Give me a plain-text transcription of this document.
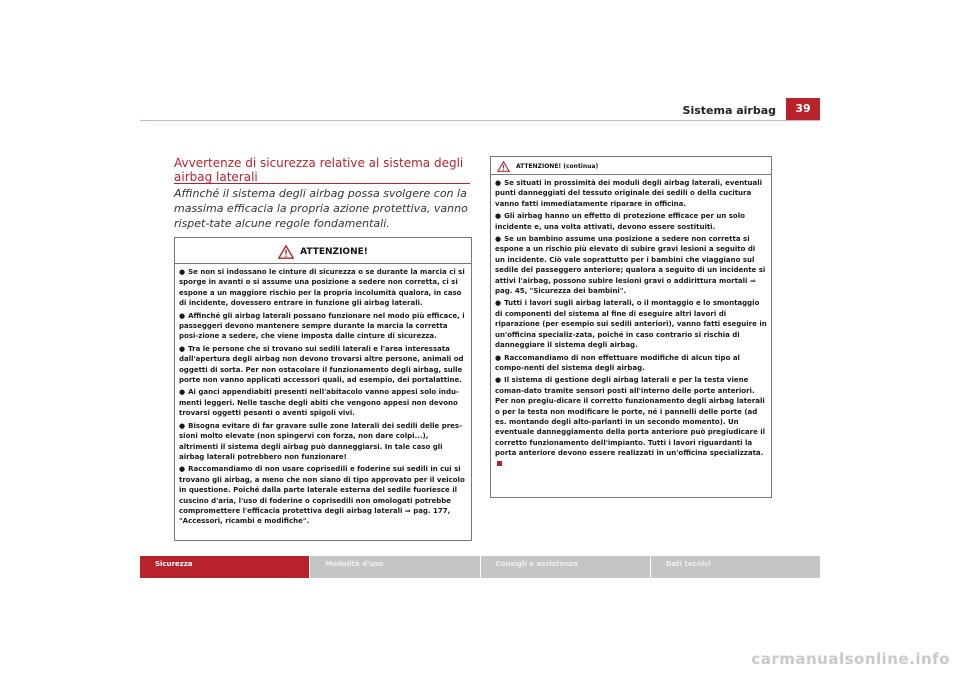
Sistema airbag	39
Avvertenze di sicurezza relative al sistema degli airbag laterali
Affinché il sistema degli airbag possa svolgere con la massima efficacia la propria azione protettiva, vanno rispet-tate alcune regole fondamentali.
ATTENZIONE!
● Se non si indossano le cinture di sicurezza o se durante la marcia ci si sporge in avanti o si assume una posizione a sedere non corretta, ci si espone a un maggiore rischio per la propria incolumità qualora, in caso di incidente, dovessero entrare in funzione gli airbag laterali.
● Affinché gli airbag laterali possano funzionare nel modo più efficace, i passeggeri devono mantenere sempre durante la marcia la corretta posi-zione a sedere, che viene imposta dalle cinture di sicurezza.
● Tra le persone che si trovano sui sedili laterali e l'area interessata dall'apertura degli airbag non devono trovarsi altre persone, animali od oggetti di sorta. Per non ostacolare il funzionamento degli airbag, sulle porte non vanno applicati accessori quali, ad esempio, dei portalattine.
● Ai ganci appendiabiti presenti nell'abitacolo vanno appesi solo indu-menti leggeri. Nelle tasche degli abiti che vengono appesi non devono trovarsi oggetti pesanti o aventi spigoli vivi.
● Bisogna evitare di far gravare sulle zone laterali dei sedili delle pres-sioni molto elevate (non spingervi con forza, non dare colpi...), altrimenti il sistema degli airbag può danneggiarsi. In tale caso gli airbag laterali potrebbero non funzionare!
● Raccomandiamo di non usare coprisedili e foderine sui sedili in cui si trovano gli airbag, a meno che non siano di tipo approvato per il veicolo in questione. Poiché dalla parte laterale esterna del sedile fuoriesce il cuscino d'aria, l'uso di foderine o coprisedili non omologati potrebbe compromettere l'efficacia protettiva degli airbag laterali ⇒ pag. 177, "Accessori, ricambi e modifiche".
ATTENZIONE! (continua)
● Se situati in prossimità dei moduli degli airbag laterali, eventuali punti danneggiati del tessuto originale dei sedili o della cucitura vanno fatti immediatamente riparare in officina.
● Gli airbag hanno un effetto di protezione efficace per un solo incidente e, una volta attivati, devono essere sostituiti.
● Se un bambino assume una posizione a sedere non corretta si espone a un rischio più elevato di subire gravi lesioni a seguito di un incidente. Ciò vale soprattutto per i bambini che viaggiano sul sedile del passeggero anteriore; qualora a seguito di un incidente si attivi l'airbag, possono subire lesioni gravi o addirittura mortali ⇒ pag. 45, "Sicurezza dei bambini".
● Tutti i lavori sugli airbag laterali, o il montaggio e lo smontaggio di componenti del sistema al fine di eseguire altri lavori di riparazione (per esempio sui sedili anteriori), vanno fatti eseguire in un'officina specializ-zata, poiché in caso contrario si rischia di danneggiare il sistema degli airbag.
● Raccomandiamo di non effettuare modifiche di alcun tipo al compo-nenti del sistema degli airbag.
● Il sistema di gestione degli airbag laterali e per la testa viene coman-dato tramite sensori posti all'interno delle porte anteriori. Per non pregiu-dicare il corretto funzionamento degli airbag laterali o per la testa non modificare le porte, né i pannelli delle porte (ad es. montando degli alto-parlanti in un secondo momento). Un eventuale danneggiamento della porta anteriore può pregiudicare il corretto funzionamento dell'impianto. Tutti i lavori riguardanti la porta anteriore devono essere realizzati in un'officina specializzata.
Sicurezza	Modalità d'uso	Consigli e assistenza	Dati tecnici
carmanualsonline.info
